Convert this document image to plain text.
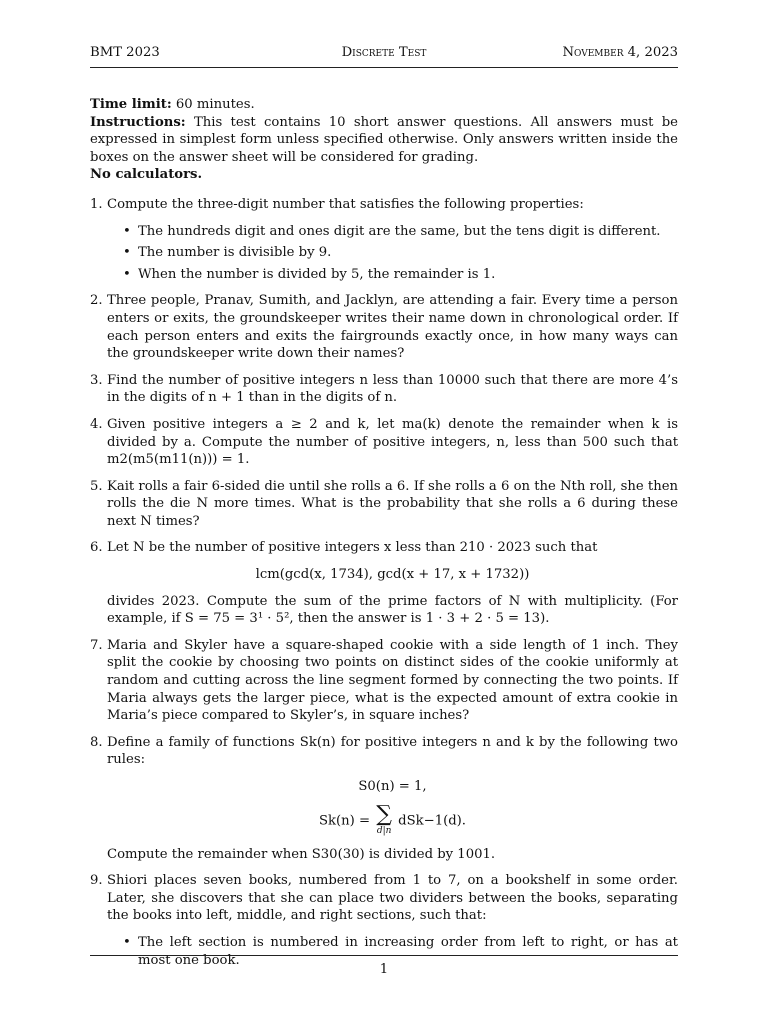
BMT 2023	Discrete Test	November 4, 2023

Time limit: 60 minutes.

Instructions: This test contains 10 short answer questions. All answers must be expressed in simplest form unless specified otherwise. Only answers written inside the boxes on the answer sheet will be considered for grading.

No calculators.

1. Compute the three-digit number that satisfies the following properties:
• The hundreds digit and ones digit are the same, but the tens digit is different.
• The number is divisible by 9.
• When the number is divided by 5, the remainder is 1.
2. Three people, Pranav, Sumith, and Jacklyn, are attending a fair. Every time a person enters or exits, the groundskeeper writes their name down in chronological order. If each person enters and exits the fairgrounds exactly once, in how many ways can the groundskeeper write down their names?
3. Find the number of positive integers n less than 10000 such that there are more 4’s in the digits of n + 1 than in the digits of n.
4. Given positive integers a ≥ 2 and k, let ma(k) denote the remainder when k is divided by a. Compute the number of positive integers, n, less than 500 such that m2(m5(m11(n))) = 1.
5. Kait rolls a fair 6-sided die until she rolls a 6. If she rolls a 6 on the Nth roll, she then rolls the die N more times. What is the probability that she rolls a 6 during these next N times?
6. Let N be the number of positive integers x less than 210 · 2023 such that
lcm(gcd(x, 1734), gcd(x + 17, x + 1732))
divides 2023. Compute the sum of the prime factors of N with multiplicity. (For example, if S = 75 = 3¹ · 5², then the answer is 1 · 3 + 2 · 5 = 13).
7. Maria and Skyler have a square-shaped cookie with a side length of 1 inch. They split the cookie by choosing two points on distinct sides of the cookie uniformly at random and cutting across the line segment formed by connecting the two points. If Maria always gets the larger piece, what is the expected amount of extra cookie in Maria’s piece compared to Skyler’s, in square inches?
8. Define a family of functions Sk(n) for positive integers n and k by the following two rules:
S0(n) = 1,
Sk(n) = ∑
d|n
dSk−1(d).
Compute the remainder when S30(30) is divided by 1001.
9. Shiori places seven books, numbered from 1 to 7, on a bookshelf in some order. Later, she discovers that she can place two dividers between the books, separating the books into left, middle, and right sections, such that:
• The left section is numbered in increasing order from left to right, or has at most one book.
1
